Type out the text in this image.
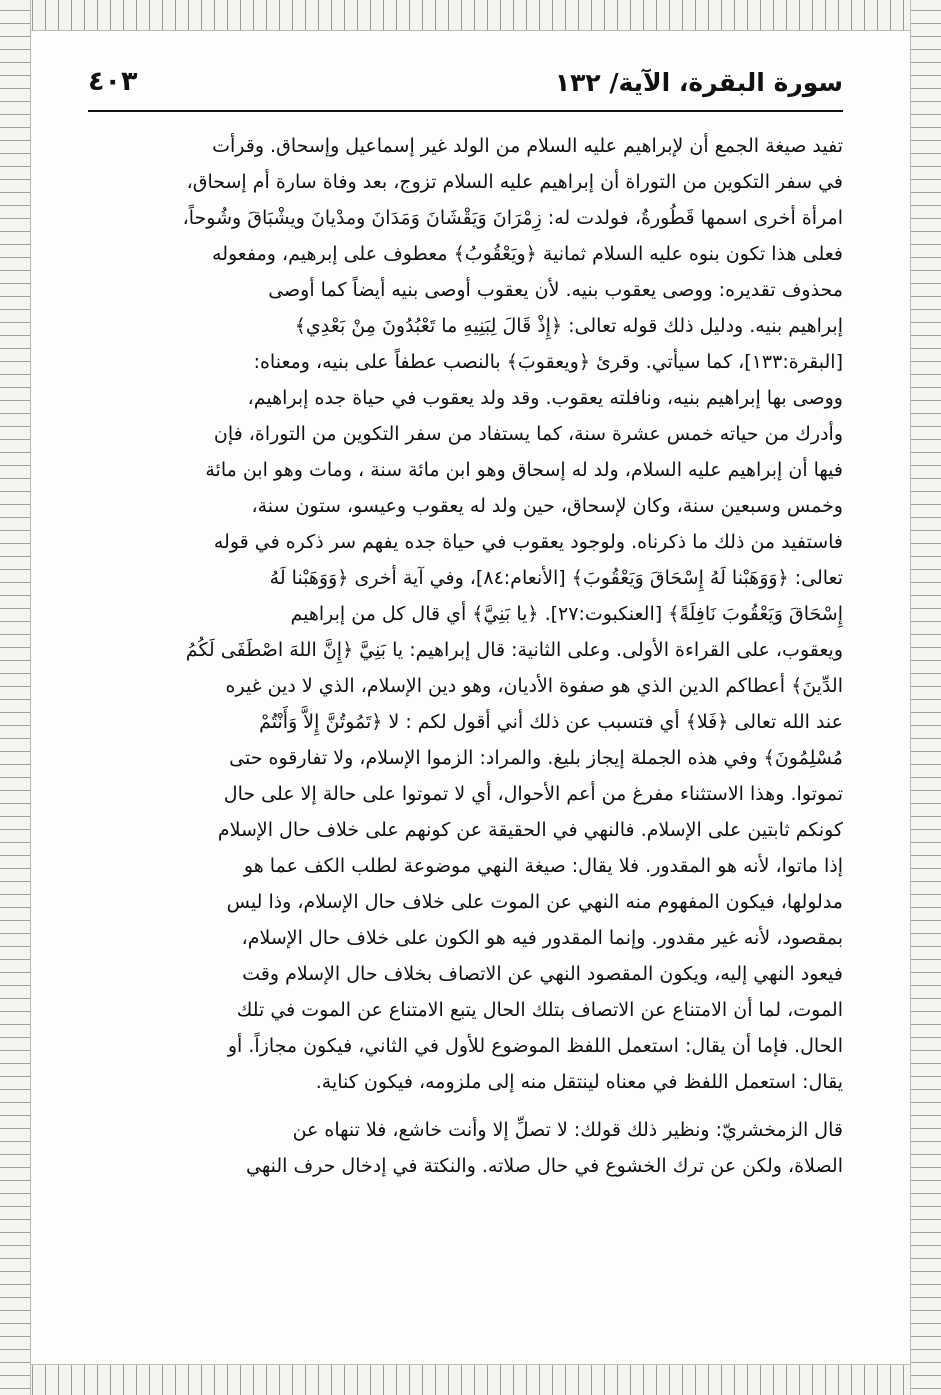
سورة البقرة، الآية/ ١٣٢
٤٠٣
تفيد صيغة الجمع أن لإبراهيم عليه السلام من الولد غير إسماعيل وإسحاق. وقرأت
في سفر التكوين من التوراة أن إبراهيم عليه السلام تزوج، بعد وفاة سارة أم إسحاق،
امرأة أخرى اسمها قَطُورةُ، فولدت له: زِمْرَانَ وَيَقْشَانَ وَمَدَانَ ومدْيانَ ويشْبَاقَ وشُوحاً،
فعلى هذا تكون بنوه عليه السلام ثمانية ﴿ويَعْقُوبُ﴾ معطوف على إبرهيم، ومفعوله
محذوف تقديره: ووصى يعقوب بنيه. لأن يعقوب أوصى بنيه أيضاً كما أوصى
إبراهيم بنيه. ودليل ذلك قوله تعالى: ﴿إِذْ قَالَ لِبَنِيهِ ما تَعْبُدُونَ مِنْ بَعْدِي﴾
[البقرة:١٣٣]، كما سيأتي. وقرئ ﴿ويعقوبَ﴾ بالنصب عطفاً على بنيه، ومعناه:
ووصى بها إبراهيم بنيه، ونافلته يعقوب. وقد ولد يعقوب في حياة جده إبراهيم،
وأدرك من حياته خمس عشرة سنة، كما يستفاد من سفر التكوين من التوراة، فإن
فيها أن إبراهيم عليه السلام، ولد له إسحاق وهو ابن مائة سنة ، ومات وهو ابن مائة
وخمس وسبعين سنة، وكان لإسحاق، حين ولد له يعقوب وعيسو، ستون سنة،
فاستفيد من ذلك ما ذكرناه. ولوجود يعقوب في حياة جده يفهم سر ذكره في قوله
تعالى: ﴿وَوَهَبْنا لَهُ إِسْحَاقَ وَيَعْقُوبَ﴾ [الأنعام:٨٤]، وفي آية أخرى ﴿وَوَهَبْنا لَهُ
إِسْحَاقَ وَيَعْقُوبَ نَافِلَةً﴾ [العنكبوت:٢٧]. ﴿يا بَنِيَّ﴾ أي قال كل من إبراهيم
ويعقوب، على القراءة الأولى. وعلى الثانية: قال إبراهيم: يا بَنِيَّ ﴿إِنَّ اللهَ اصْطَفَى لَكُمُ
الدِّينَ﴾ أعطاكم الدين الذي هو صفوة الأديان، وهو دين الإسلام، الذي لا دين غيره
عند الله تعالى ﴿فَلا﴾ أي فتسبب عن ذلك أني أقول لكم : لا ﴿تَمُوتُنَّ إِلاَّ وَأَنْتُمْ
مُسْلِمُونَ﴾ وفي هذه الجملة إيجاز بليغ. والمراد: الزموا الإسلام، ولا تفارقوه حتى
تموتوا. وهذا الاستثناء مفرغ من أعم الأحوال، أي لا تموتوا على حالة إلا على حال
كونكم ثابتين على الإسلام. فالنهي في الحقيقة عن كونهم على خلاف حال الإسلام
إذا ماتوا، لأنه هو المقدور. فلا يقال: صيغة النهي موضوعة لطلب الكف عما هو
مدلولها، فيكون المفهوم منه النهي عن الموت على خلاف حال الإسلام، وذا ليس
بمقصود، لأنه غير مقدور. وإنما المقدور فيه هو الكون على خلاف حال الإسلام،
فيعود النهي إليه، ويكون المقصود النهي عن الاتصاف بخلاف حال الإسلام وقت
الموت، لما أن الامتناع عن الاتصاف بتلك الحال يتبع الامتناع عن الموت في تلك
الحال. فإما أن يقال: استعمل اللفظ الموضوع للأول في الثاني، فيكون مجازاً. أو
يقال: استعمل اللفظ في معناه لينتقل منه إلى ملزومه، فيكون كناية.
قال الزمخشريّ: ونظير ذلك قولك: لا تصلِّ إلا وأنت خاشع، فلا تنهاه عن
الصلاة، ولكن عن ترك الخشوع في حال صلاته. والنكتة في إدخال حرف النهي
